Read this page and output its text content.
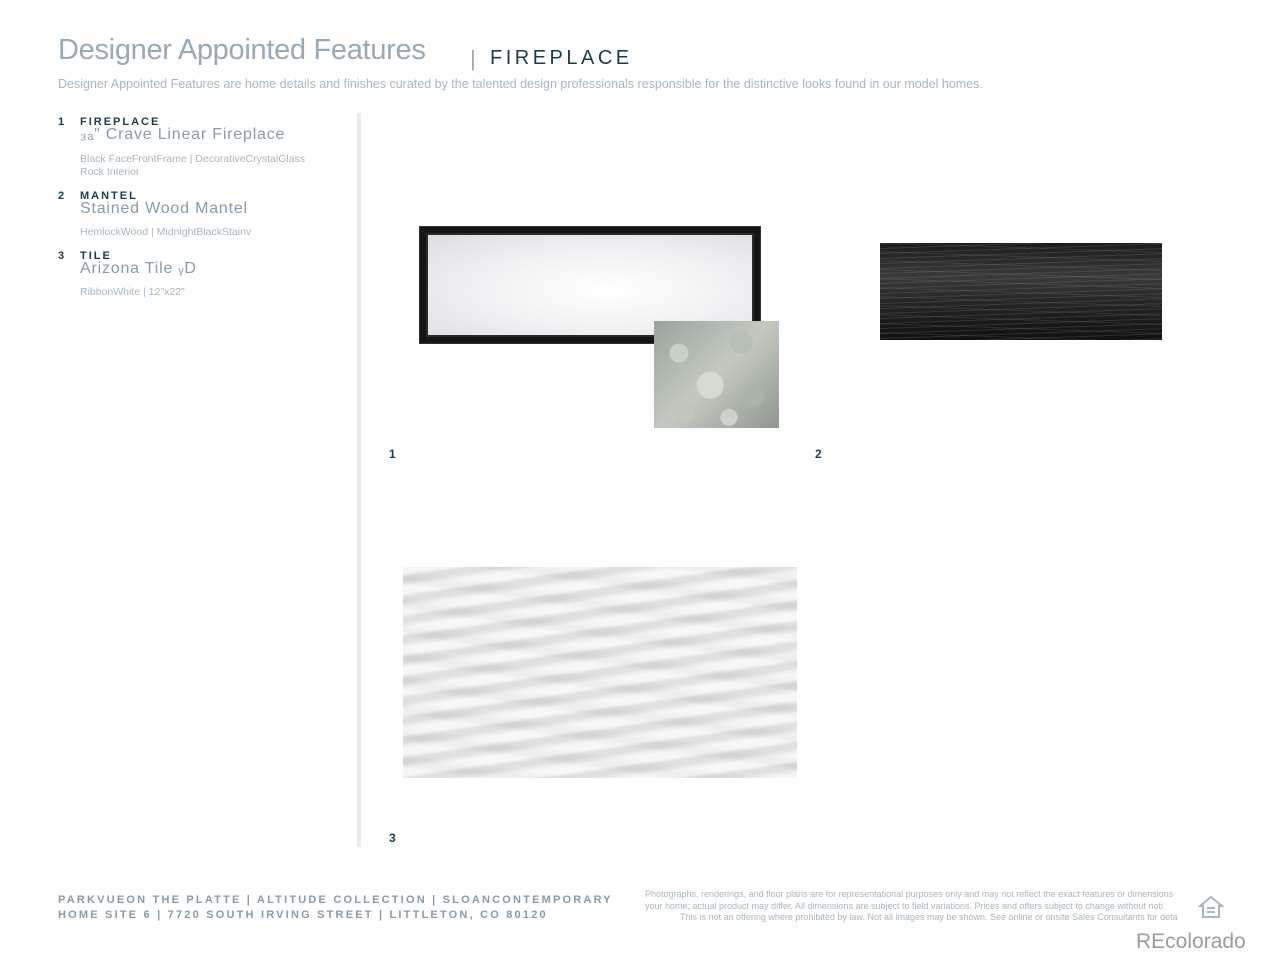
Designer Appointed Features | FIREPLACE
Designer Appointed Features are home details and finishes curated by the talented design professionals responsible for the distinctive looks found in our model homes.
1 FIREPLACE
₃ₐ" Crave Linear Fireplace
Black FaceFrontFrame | DecorativeCrystalGlass
Rock Interior
2 MANTEL
Stained Wood Mantel
HemlockWood | MidnightBlackStainv
3 TILE
Arizona Tile ᵧD
RibbonWhite | 12"x22"
1	2
3
PARKVUEON THE PLATTE | ALTITUDE COLLECTION | SLOANCONTEMPORARY
HOME SITE 6 | 7720 SOUTH IRVING STREET | LITTLETON, CO 80120
Photographs, renderings, and floor plans are for representational purposes only and may not reflect the exact features or dimensions
your home; actual product may differ. All dimensions are subject to field variations. Prices and offers subject to change without noti
This is not an offering where prohibited by law. Not all images may be shown. See online or onsite Sales Consultants for deta
REcolorado
